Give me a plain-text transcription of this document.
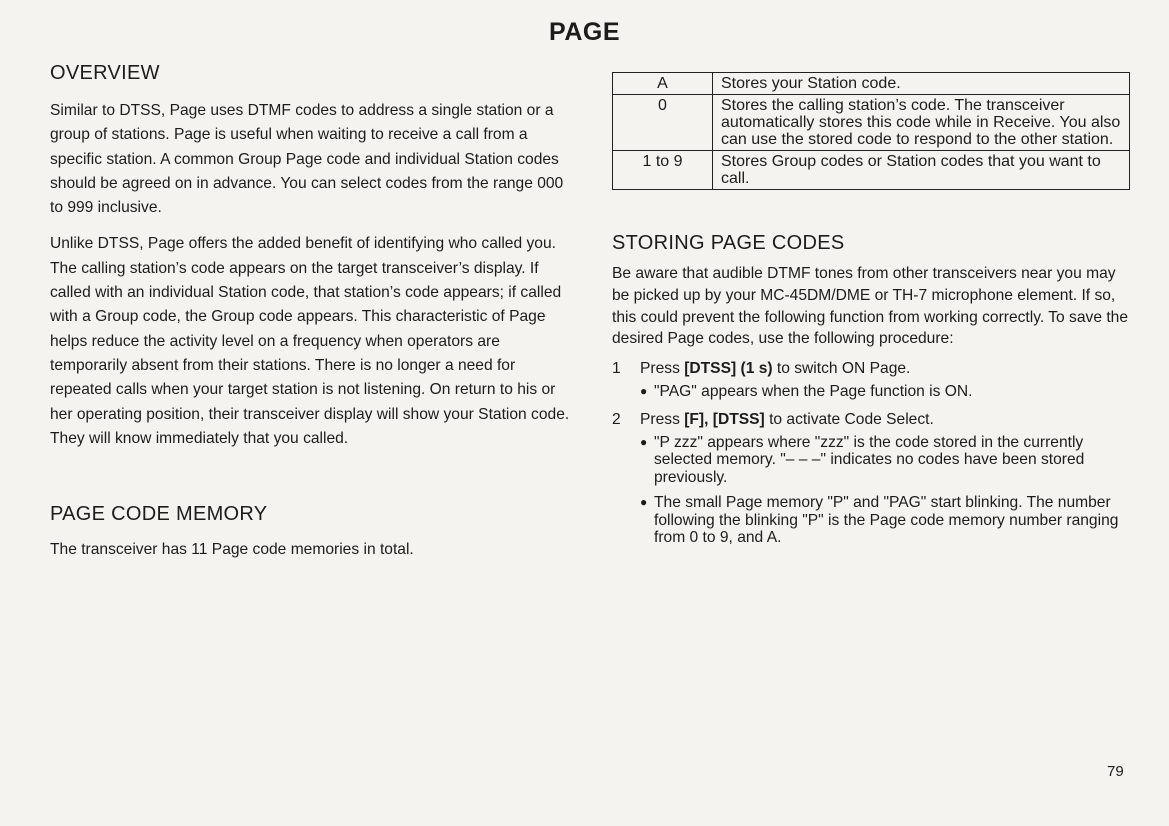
PAGE
OVERVIEW

Similar to DTSS, Page uses DTMF codes to address a single station or a group of stations. Page is useful when waiting to receive a call from a specific station. A common Group Page code and individual Station codes should be agreed on in advance. You can select codes from the range 000 to 999 inclusive.

Unlike DTSS, Page offers the added benefit of identifying who called you. The calling station’s code appears on the target transceiver’s display. If called with an individual Station code, that station’s code appears; if called with a Group code, the Group code appears. This characteristic of Page helps reduce the activity level on a frequency when operators are temporarily absent from their stations. There is no longer a need for repeated calls when your target station is not listening. On return to his or her operating position, their transceiver display will show your Station code. They will know immediately that you called.

PAGE CODE MEMORY

The transceiver has 11 Page code memories in total.

A	Stores your Station code.
0	Stores the calling station’s code. The transceiver automatically stores this code while in Receive. You also can use the stored code to respond to the other station.
1 to 9	Stores Group codes or Station codes that you want to call.
STORING PAGE CODES

Be aware that audible DTMF tones from other transceivers near you may be picked up by your MC-45DM/DME or TH-7 microphone element. If so, this could prevent the following function from working correctly. To save the desired Page codes, use the following procedure:

1	Press [DTSS] (1 s) to switch ON Page.
● "PAG" appears when the Page function is ON.
2	Press [F], [DTSS] to activate Code Select.
● "P zzz" appears where "zzz" is the code stored in the currently selected memory. "– – –" indicates no codes have been stored previously.
● The small Page memory "P" and "PAG" start blinking. The number following the blinking "P" is the Page code memory number ranging from 0 to 9, and A.
79
